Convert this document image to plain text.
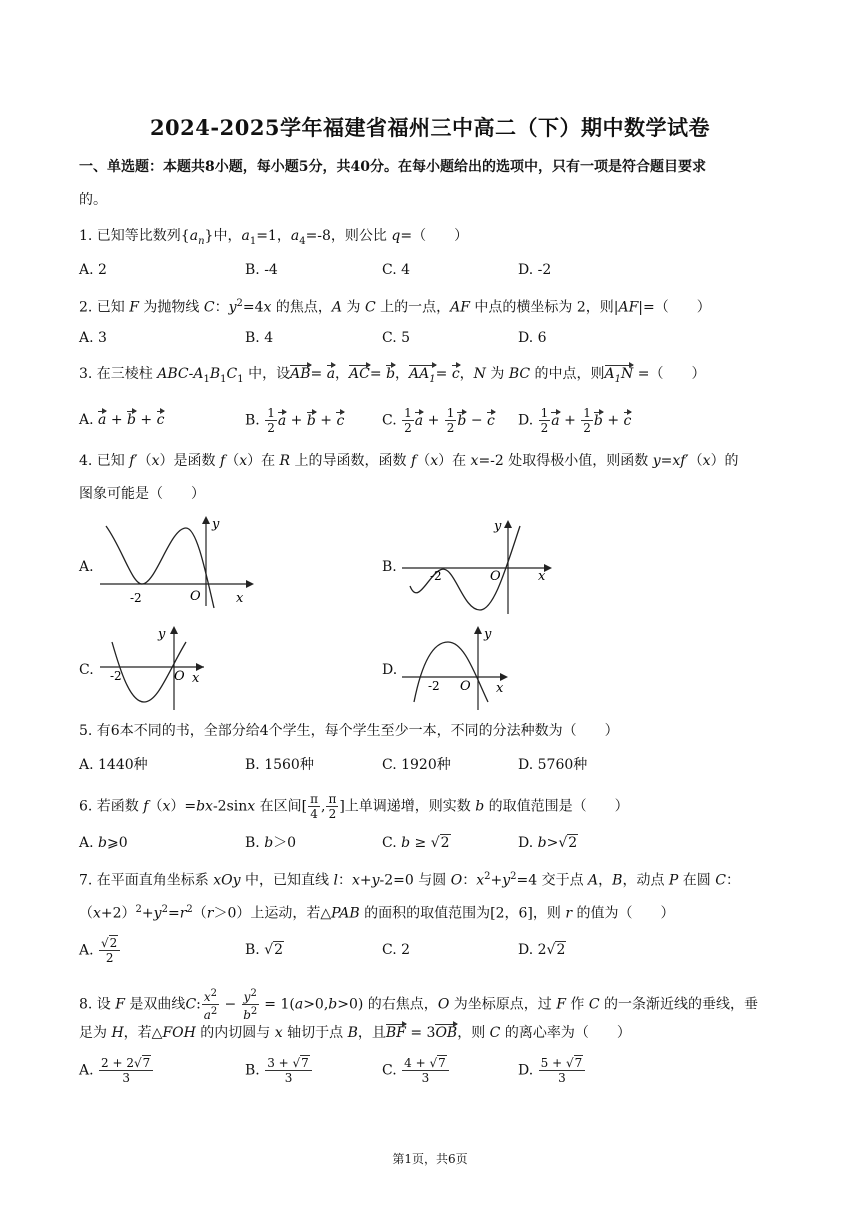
2024-2025学年福建省福州三中高二（下）期中数学试卷
一、单选题：本题共8小题，每小题5分，共40分。在每小题给出的选项中，只有一项是符合题目要求
的。
1. 已知等比数列$\{a_n\}$中，$a_1=1$，$a_4=-8$，则公比 q=（　　）
A. 2	B. -4	C. 4	D. -2
2. 已知 F 为抛物线 C：$y^2=4x$ 的焦点，A 为 C 上的一点，AF 中点的横坐标为 2，则|AF|=（　　）
A. 3	B. 4	C. 5	D. 6
3. 在三棱柱 ABC-$A_1B_1C_1$ 中，设AB= a，AC= b，$AA_1= c$，N 为 BC 的中点，则$A_1N$ =（　　）
A. a + b + c	B. $\frac{1}{2}$ a + b + c	C. $\frac{1}{2}$ $a + \frac{1}{2}$ b − c D. $\frac{1}{2}$ $a + \frac{1}{2}$ b + c
4. 已知 f′（x）是函数 f（x）在 R 上的导函数，函数 f（x）在 x=-2 处取得极小值，则函数 y=xf′（x）的
图象可能是（　　）
A.
y
x
O
-2
B.
y
x
O
-2
C.
y
x
O
-2	D.
y
x
O
-2
5. 有6本不同的书，全部分给4个学生，每个学生至少一本，不同的分法种数为（　　）
A. 1440种	B. 1560种	C. 1920种	D. 5760种
6. 若函数 f（x）=bx-2sinx 在区间[ $\frac{\pi}{4}$ , $\frac{\pi}{2}$ ]上单调递增，则实数 b 的取值范围是（　　）
A. b⩾0	B. b＞0	C. b ≥ √2	D. b>√2
7. 在平面直角坐标系 xOy 中，已知直线 l：x+y-2=0 与圆 O：$x^2+y^2=4$ 交于点 A，B，动点 P 在圆 C：
$(x+2)^2+y^2=r^2(r>0)$上运动，若△PAB 的面积的取值范围为[2，6]，则 r 的值为（　　）
A. $\frac{√2}{2}$	B. √2	C. 2	D. 2√2
8. 设 F 是双曲线C: $\frac{x^2}{a^2} - \frac{y^2}{b^2} = 1(a>0,b>0)$ 的右焦点，O 为坐标原点，过 F 作 C 的一条渐近线的垂线，垂
足为 H，若△FOH 的内切圆与 x 轴切于点 B，且BF = 3OB，则 C 的离心率为（　　）
A. $\frac{2 + 2√7}{3}$	B. $\frac{3 + √7}{3}$	C. $\frac{4 + √7}{3}$	D. $\frac{5 + √7}{3}$
第1页，共6页
